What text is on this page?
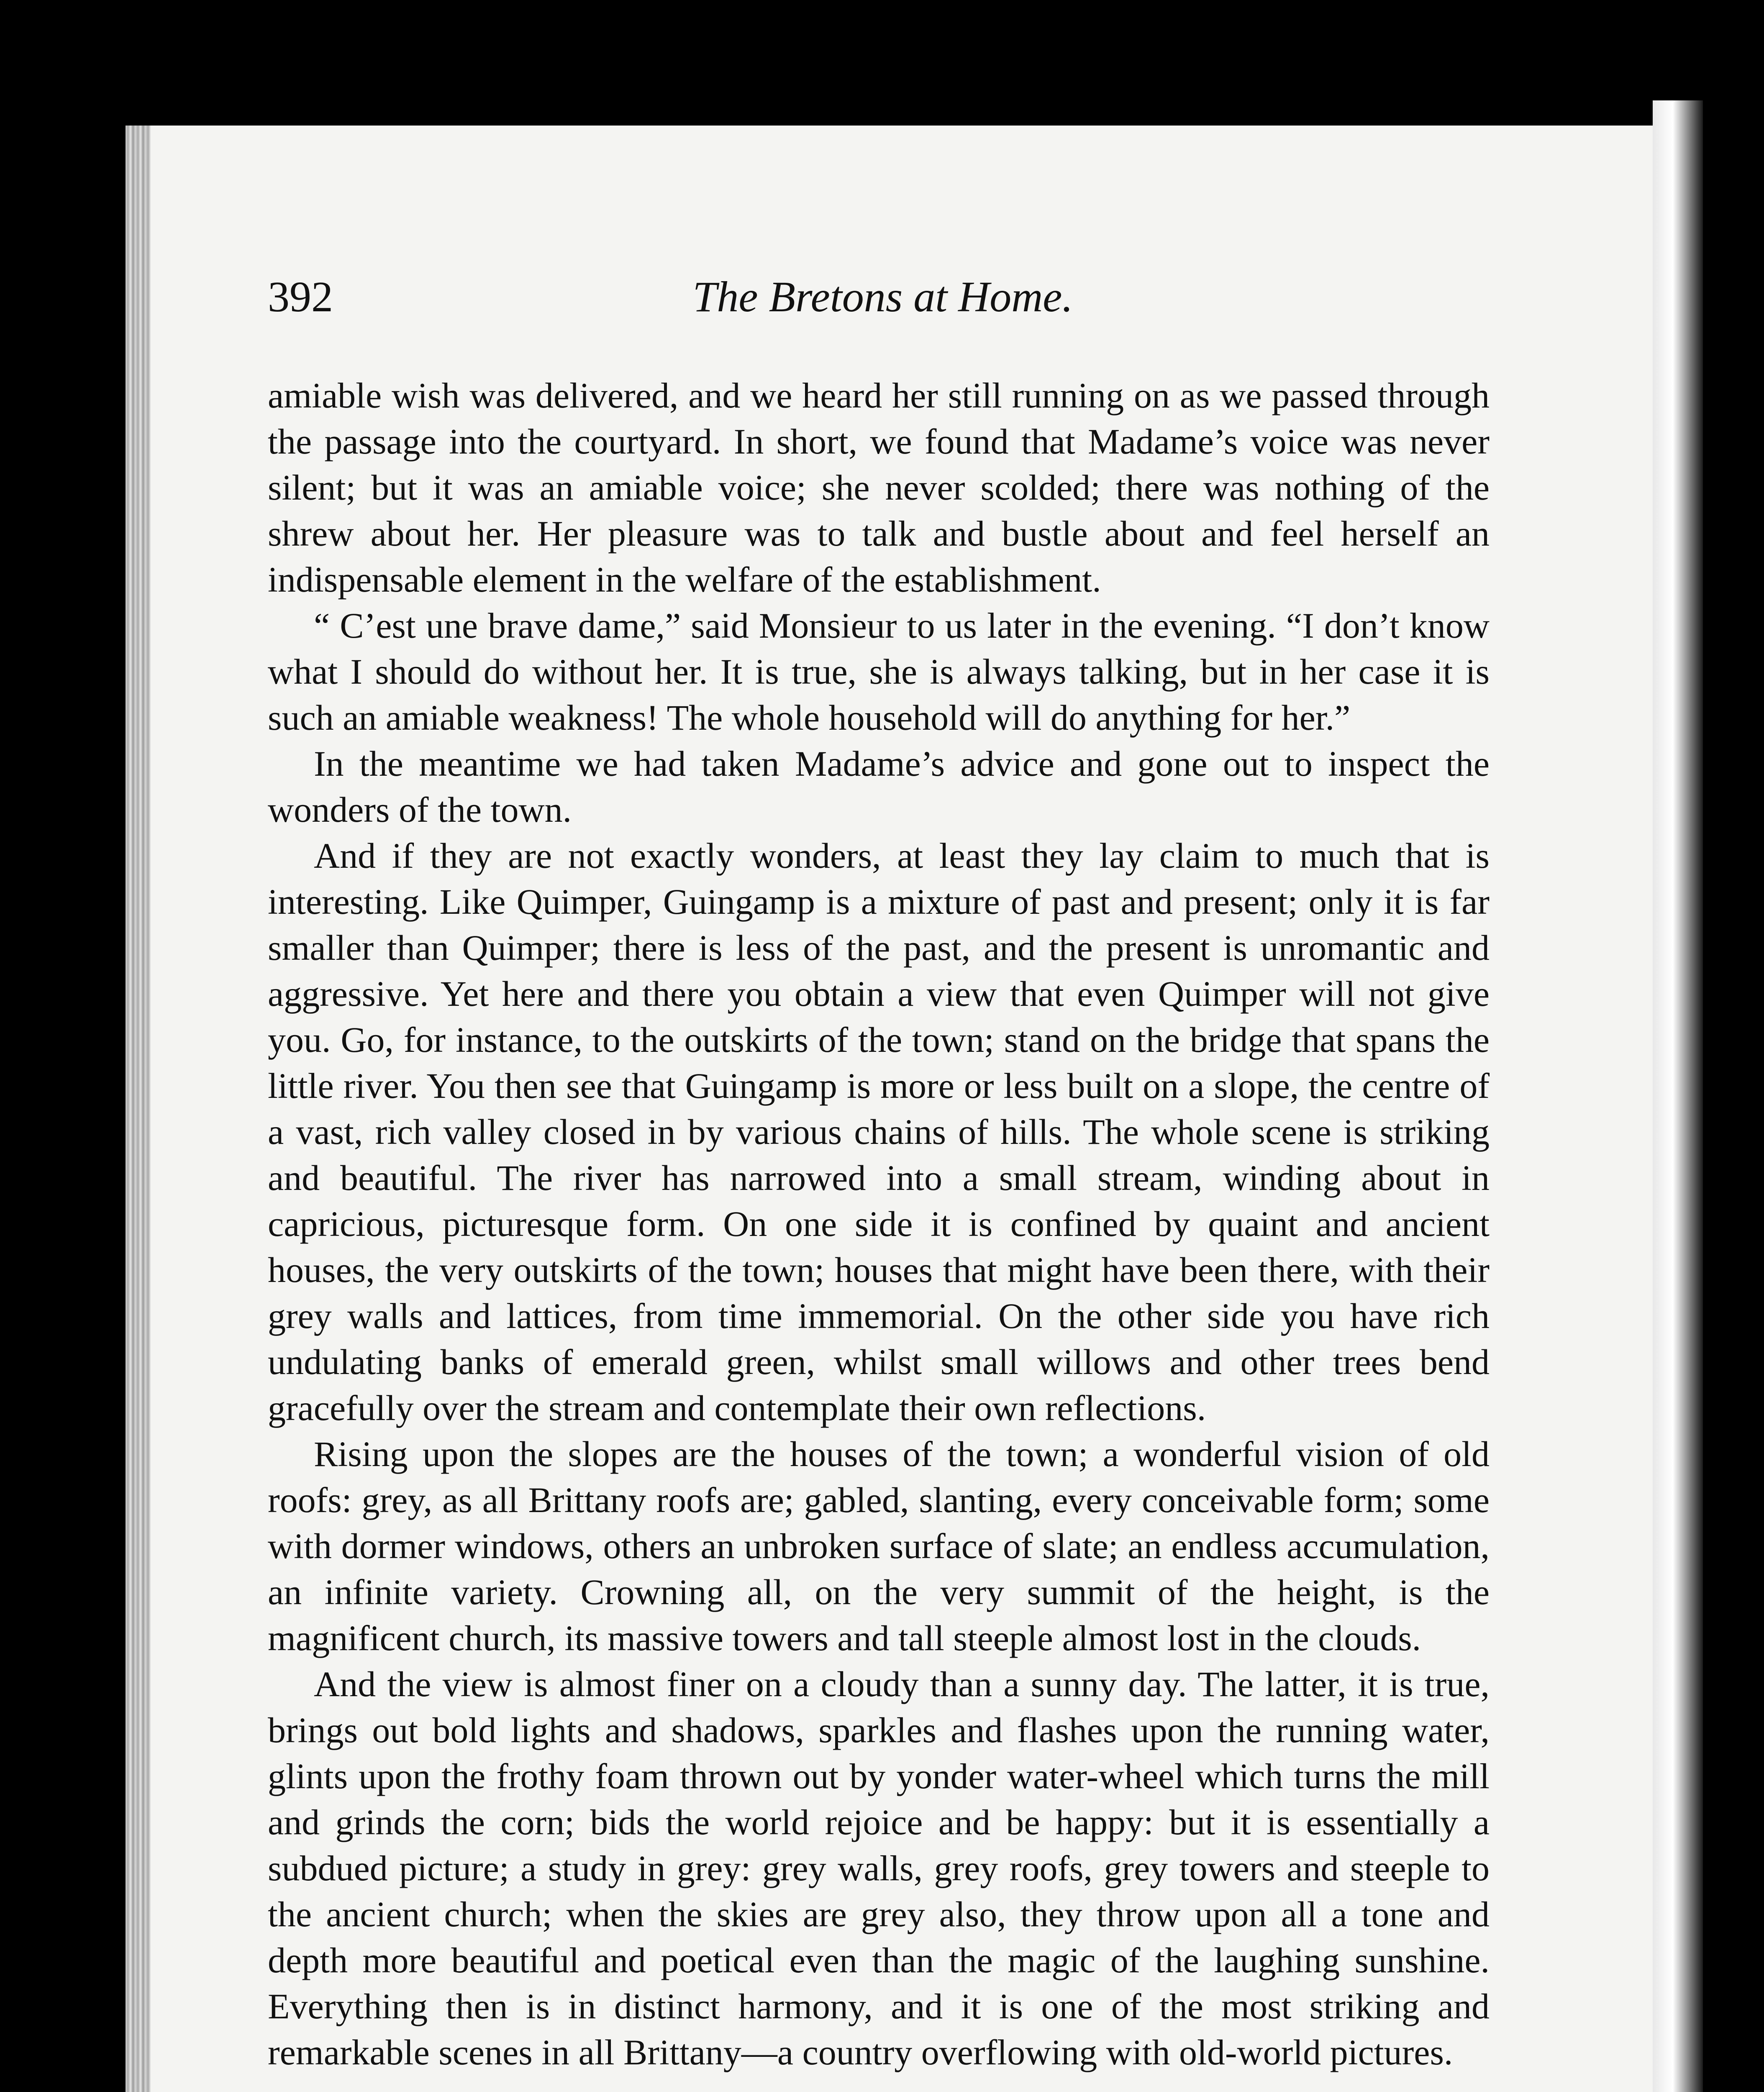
392	The Bretons at Home.

amiable wish was delivered, and we heard her still running on as we passed through the passage into the courtyard. In short, we found that Madame’s voice was never silent; but it was an amiable voice; she never scolded; there was nothing of the shrew about her. Her pleasure was to talk and bustle about and feel herself an indispensable element in the welfare of the establishment.

“ C’est une brave dame,” said Monsieur to us later in the evening. “I don’t know what I should do without her. It is true, she is always talking, but in her case it is such an amiable weakness! The whole household will do anything for her.”

In the meantime we had taken Madame’s advice and gone out to inspect the wonders of the town.

And if they are not exactly wonders, at least they lay claim to much that is interesting. Like Quimper, Guingamp is a mixture of past and present; only it is far smaller than Quimper; there is less of the past, and the present is unromantic and aggressive. Yet here and there you obtain a view that even Quimper will not give you. Go, for instance, to the outskirts of the town; stand on the bridge that spans the little river. You then see that Guingamp is more or less built on a slope, the centre of a vast, rich valley closed in by various chains of hills. The whole scene is striking and beautiful. The river has narrowed into a small stream, winding about in capricious, picturesque form. On one side it is confined by quaint and ancient houses, the very outskirts of the town; houses that might have been there, with their grey walls and lattices, from time immemorial. On the other side you have rich undulating banks of emerald green, whilst small willows and other trees bend gracefully over the stream and contemplate their own reflections.

Rising upon the slopes are the houses of the town; a wonderful vision of old roofs: grey, as all Brittany roofs are; gabled, slanting, every conceivable form; some with dormer windows, others an unbroken surface of slate; an endless accumulation, an infinite variety. Crowning all, on the very summit of the height, is the magnificent church, its massive towers and tall steeple almost lost in the clouds.

And the view is almost finer on a cloudy than a sunny day. The latter, it is true, brings out bold lights and shadows, sparkles and flashes upon the running water, glints upon the frothy foam thrown out by yonder water-wheel which turns the mill and grinds the corn; bids the world rejoice and be happy: but it is essentially a subdued picture; a study in grey: grey walls, grey roofs, grey towers and steeple to the ancient church; when the skies are grey also, they throw upon all a tone and depth more beautiful and poetical even than the magic of the laughing sunshine. Everything then is in distinct harmony, and it is one of the most striking and remarkable scenes in all Brittany—a country overflowing with old-world pictures.
